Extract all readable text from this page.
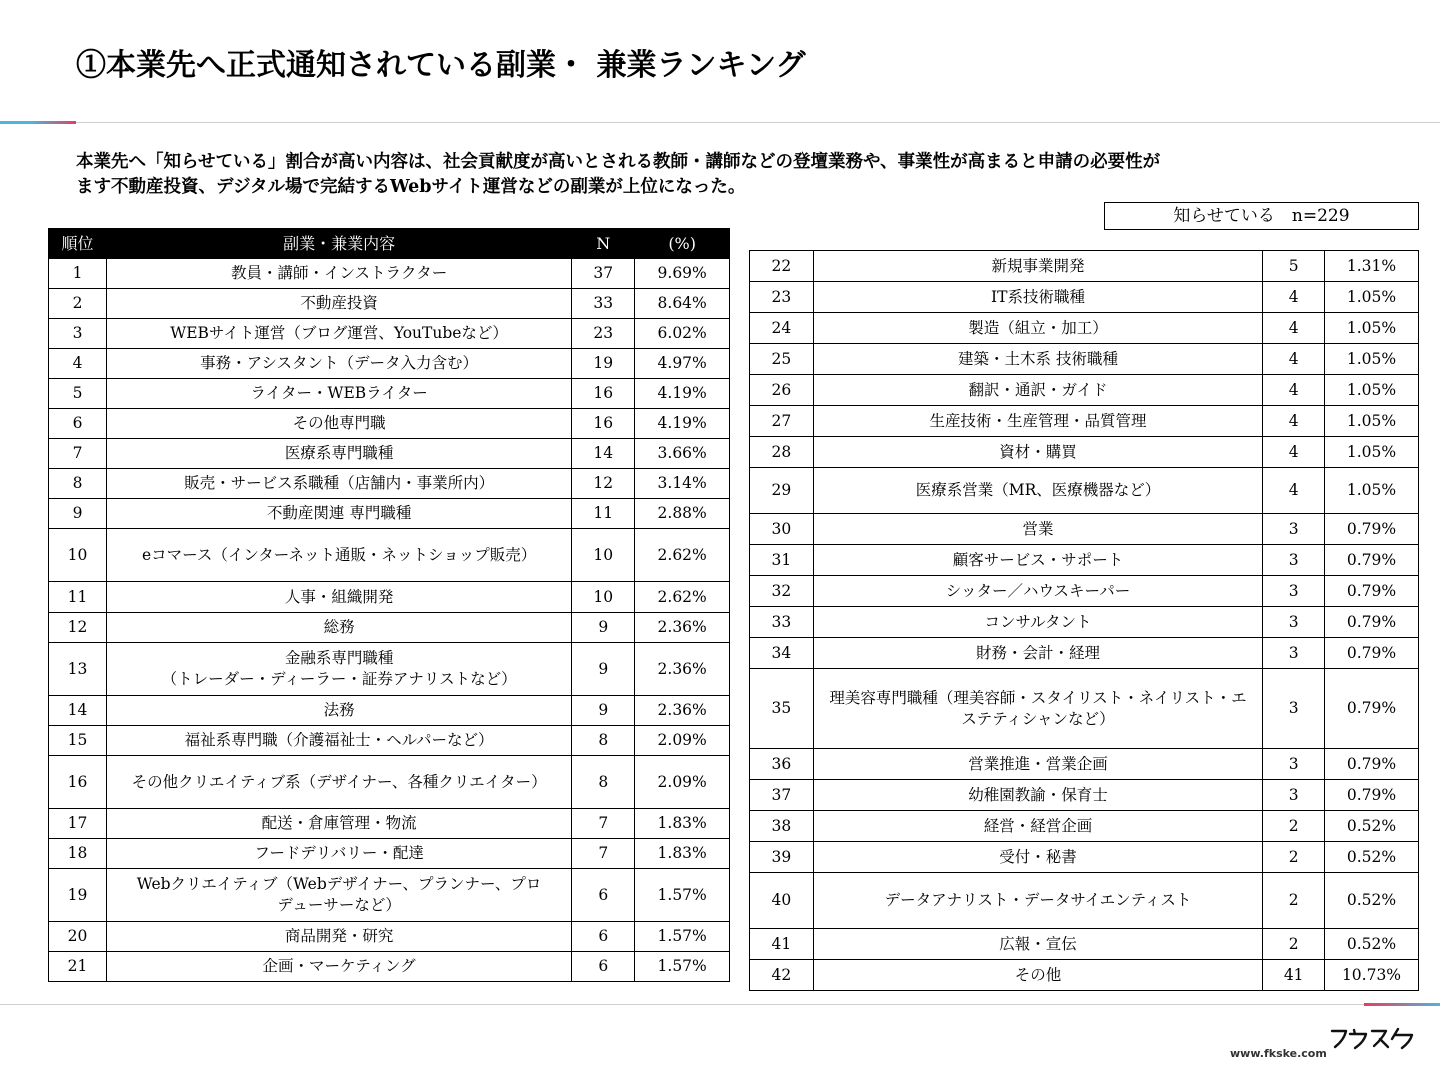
①本業先へ正式通知されている副業・ 兼業ランキング
本業先へ「知らせている」割合が高い内容は、社会貢献度が高いとされる教師・講師などの登壇業務や、事業性が高まると申請の必要性が
ます不動産投資、デジタル場で完結するWebサイト運営などの副業が上位になった。
知らせている　n=229
順位	副業・兼業内容	N	(%)
1	教員・講師・インストラクター	37	9.69%
2	不動産投資	33	8.64%
3	WEBサイト運営（ブログ運営、YouTubeなど）	23	6.02%
4	事務・アシスタント（データ入力含む）	19	4.97%
5	ライター・WEBライター	16	4.19%
6	その他専門職	16	4.19%
7	医療系専門職種	14	3.66%
8	販売・サービス系職種（店舗内・事業所内）	12	3.14%
9	不動産関連 専門職種	11	2.88%
10	eコマース（インターネット通販・ネットショップ販売）	10	2.62%
11	人事・組織開発	10	2.62%
12	総務	9	2.36%
13	金融系専門職種
（トレーダー・ディーラー・証券アナリストなど）	9	2.36%
14	法務	9	2.36%
15	福祉系専門職（介護福祉士・ヘルパーなど）	8	2.09%
16	その他クリエイティブ系（デザイナー、各種クリエイター）	8	2.09%
17	配送・倉庫管理・物流	7	1.83%
18	フードデリバリー・配達	7	1.83%
19	Webクリエイティブ（Webデザイナー、プランナー、プロ
デューサーなど）	6	1.57%
20	商品開発・研究	6	1.57%
21	企画・マーケティング	6	1.57%
22	新規事業開発	5	1.31%
23	IT系技術職種	4	1.05%
24	製造（組立・加工）	4	1.05%
25	建築・土木系 技術職種	4	1.05%
26	翻訳・通訳・ガイド	4	1.05%
27	生産技術・生産管理・品質管理	4	1.05%
28	資材・購買	4	1.05%
29	医療系営業（MR、医療機器など）	4	1.05%
30	営業	3	0.79%
31	顧客サービス・サポート	3	0.79%
32	シッター／ハウスキーパー	3	0.79%
33	コンサルタント	3	0.79%
34	財務・会計・経理	3	0.79%
35	理美容専門職種（理美容師・スタイリスト・ネイリスト・エ
ステティシャンなど）	3	0.79%
36	営業推進・営業企画	3	0.79%
37	幼稚園教諭・保育士	3	0.79%
38	経営・経営企画	2	0.52%
39	受付・秘書	2	0.52%
40	データアナリスト・データサイエンティスト	2	0.52%
41	広報・宣伝	2	0.52%
42	その他	41	10.73%
www.fkske.com
